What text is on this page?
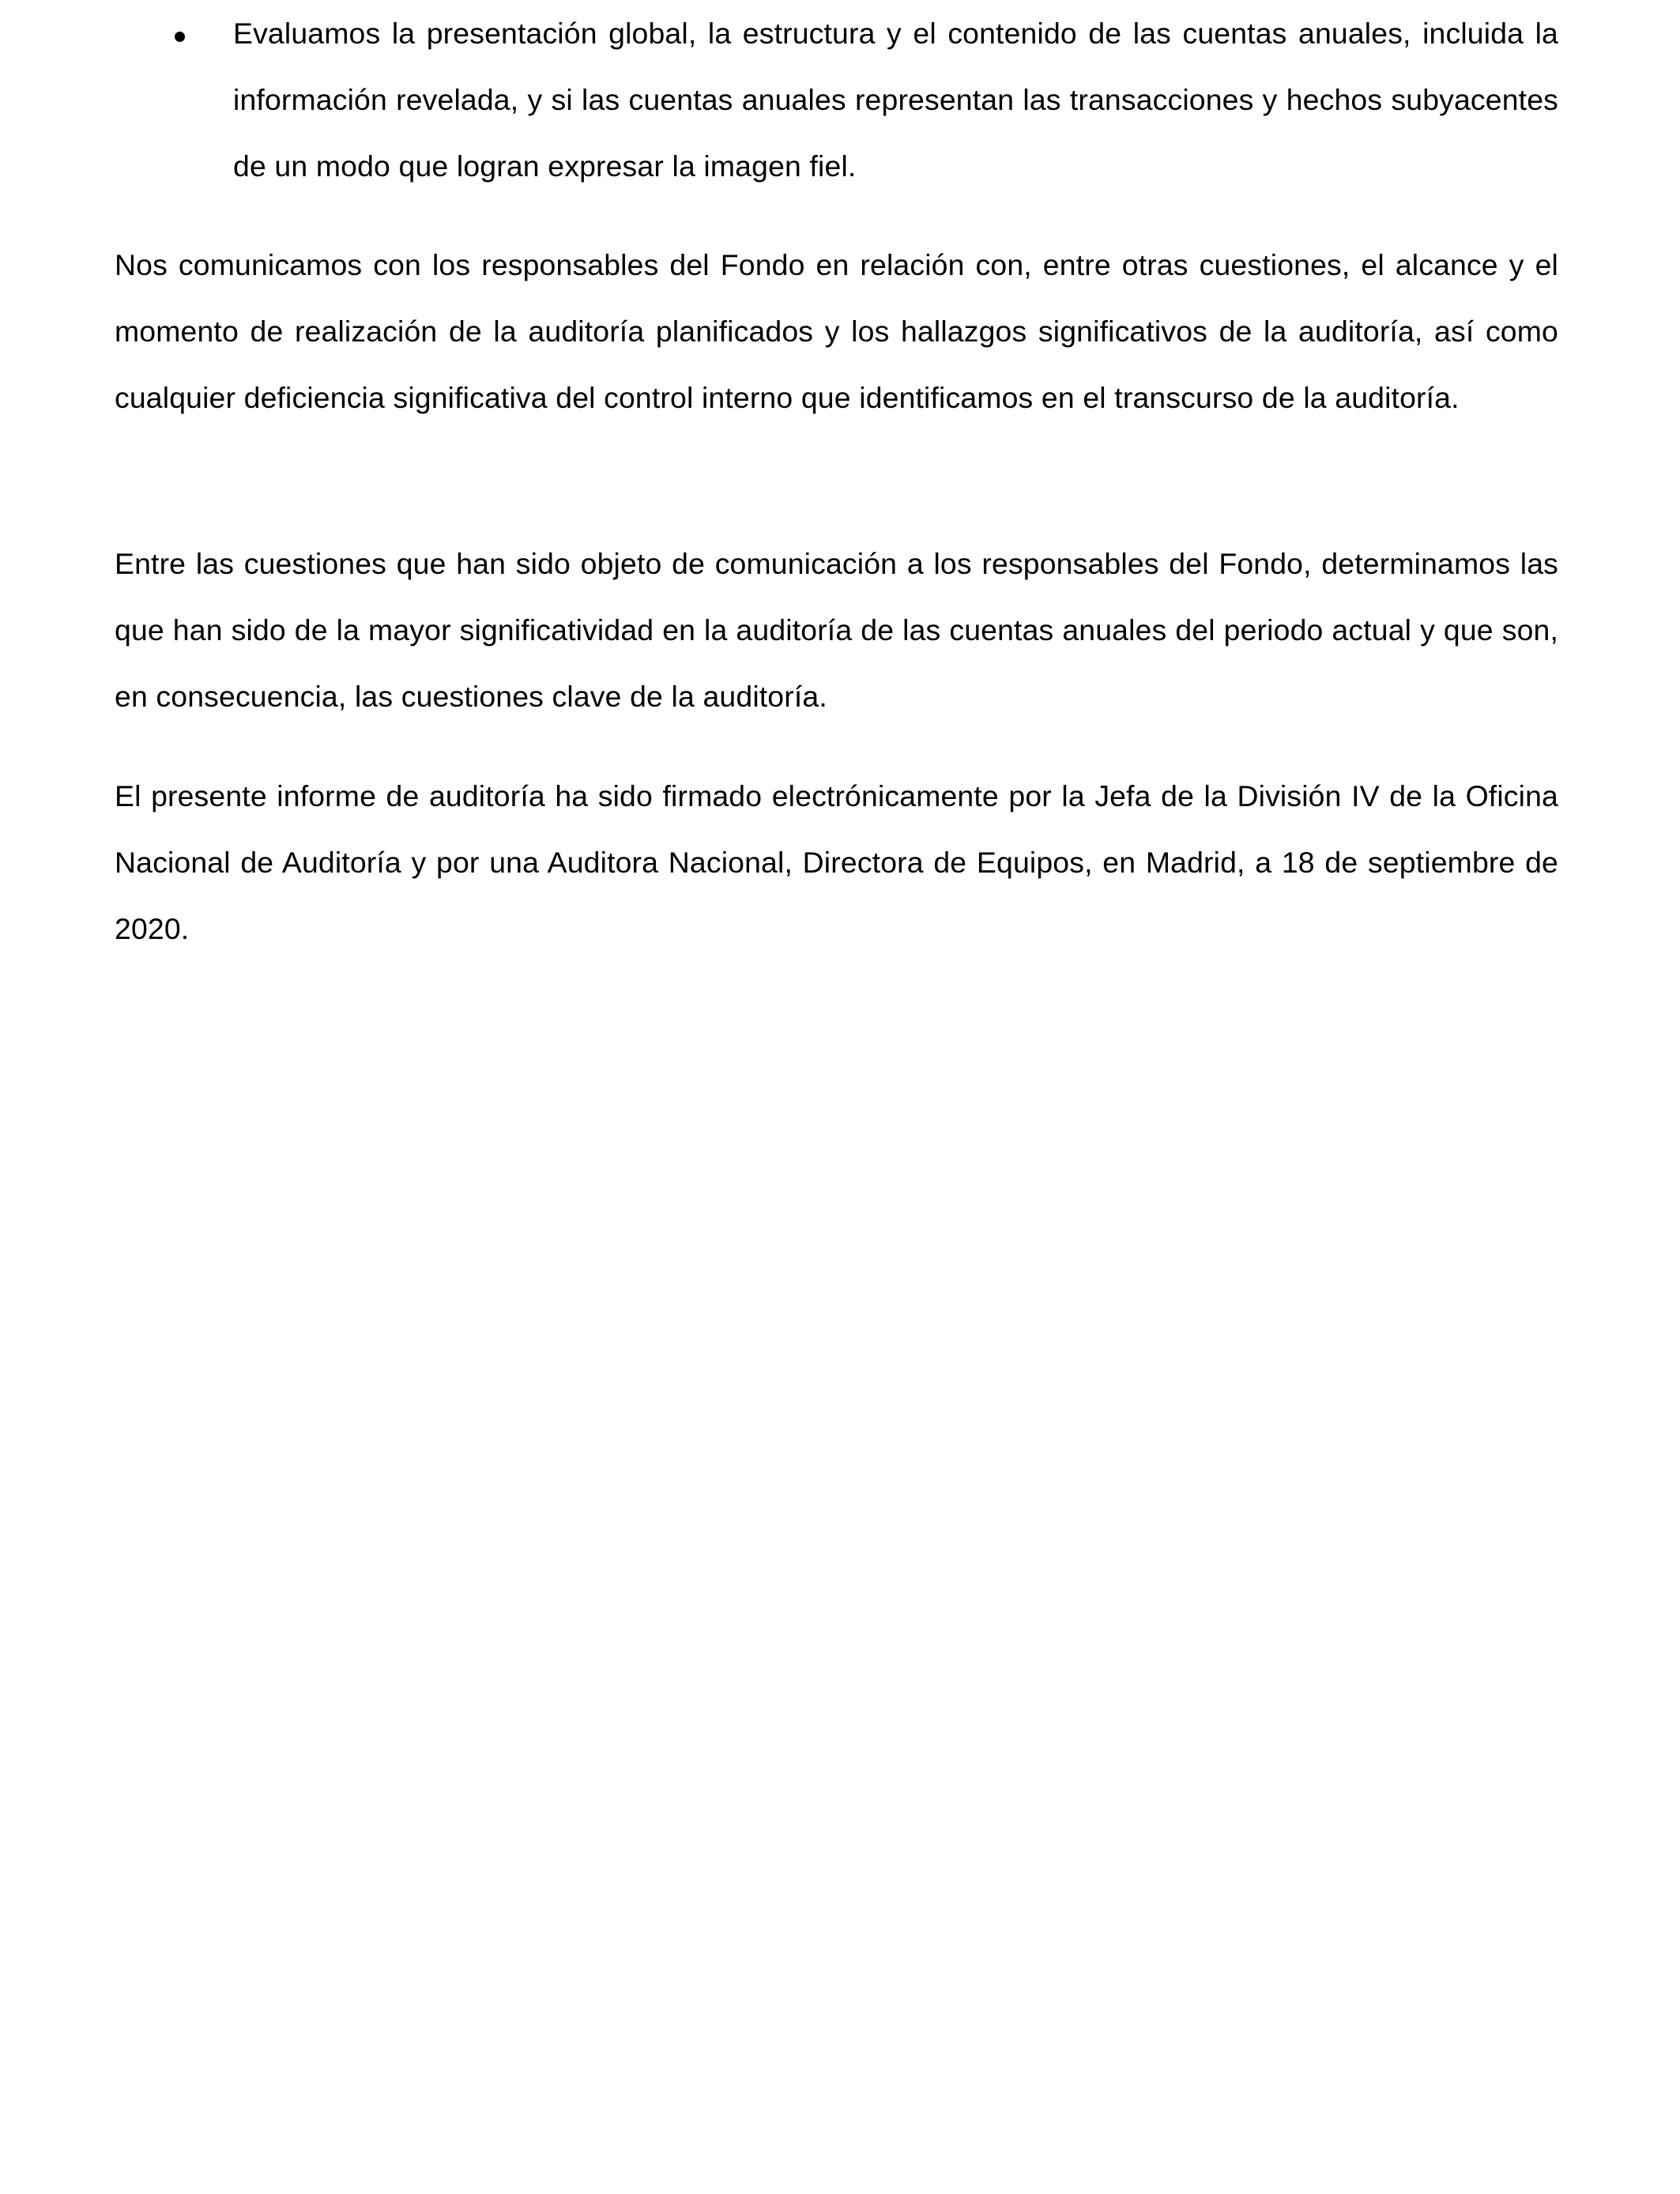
Evaluamos la presentación global, la estructura y el contenido de las cuentas anuales, incluida la información revelada, y si las cuentas anuales representan las transacciones y hechos subyacentes de un modo que logran expresar la imagen fiel.

Nos comunicamos con los responsables del Fondo en relación con, entre otras cuestiones, el alcance y el momento de realización de la auditoría planificados y los hallazgos significativos de la auditoría, así como cualquier deficiencia significativa del control interno que identificamos en el transcurso de la auditoría.

Entre las cuestiones que han sido objeto de comunicación a los responsables del Fondo, determinamos las que han sido de la mayor significatividad en la auditoría de las cuentas anuales del periodo actual y que son, en consecuencia, las cuestiones clave de la auditoría.

El presente informe de auditoría ha sido firmado electrónicamente por la Jefa de la División IV de la Oficina Nacional de Auditoría y por una Auditora Nacional, Directora de Equipos, en Madrid, a 18 de septiembre de 2020.
